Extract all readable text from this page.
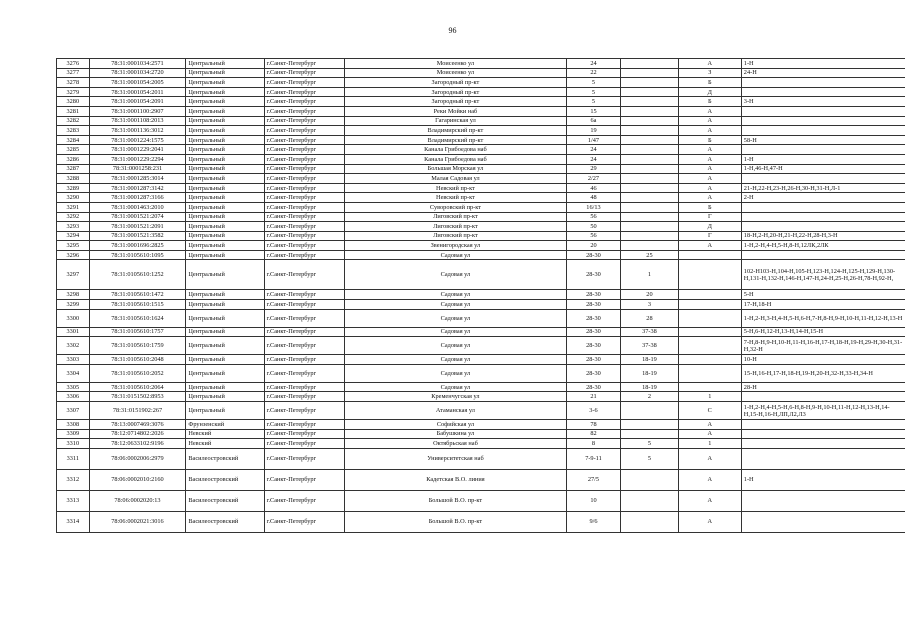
96
3276	78:31:0001034:2571	Центральный	г.Санкт-Петербург	Моисеенко ул	24		А	1-Н
3277	78:31:0001034:2720	Центральный	г.Санкт-Петербург	Моисеенко ул	22		З	24-Н
3278	78:31:0001054:2005	Центральный	г.Санкт-Петербург	Загородный пр-кт	5		Б	
3279	78:31:0001054:2011	Центральный	г.Санкт-Петербург	Загородный пр-кт	5		Д	
3280	78:31:0001054:2091	Центральный	г.Санкт-Петербург	Загородный пр-кт	5		Б	3-Н
3281	78:31:0001100:2907	Центральный	г.Санкт-Петербург	Реки Мойки наб	15		А	
3282	78:31:0001108:2013	Центральный	г.Санкт-Петербург	Гагаринская ул	6а		А	
3283	78:31:0001136:3012	Центральный	г.Санкт-Петербург	Владимирский пр-кт	19		А	
3284	78:31:0001224:1575	Центральный	г.Санкт-Петербург	Владимирский пр-кт	1/47		Б	58-Н
3285	78:31:0001229:2041	Центральный	г.Санкт-Петербург	Канала Грибоедова наб	24		А	
3286	78:31:0001229:2294	Центральный	г.Санкт-Петербург	Канала Грибоедова наб	24		А	1-Н
3287	78:31:0001258:231	Центральный	г.Санкт-Петербург	Большая Морская ул	29		А	1-Н,46-Н,47-Н
3288	78:31:0001285:3014	Центральный	г.Санкт-Петербург	Малая Садовая ул	2/27		А	
3289	78:31:0001287:3142	Центральный	г.Санкт-Петербург	Невский пр-кт	46		А	21-Н,22-Н,23-Н,26-Н,30-Н,31-Н,Л-1
3290	78:31:0001287:3166	Центральный	г.Санкт-Петербург	Невский пр-кт	48		А	2-Н
3291	78:31:0001463:2010	Центральный	г.Санкт-Петербург	Суворовский пр-кт	16/13		Б	
3292	78:31:0001521:2074	Центральный	г.Санкт-Петербург	Лиговский пр-кт	56		Г	
3293	78:31:0001521:2091	Центральный	г.Санкт-Петербург	Лиговский пр-кт	50		Д	
3294	78:31:0001521:3582	Центральный	г.Санкт-Петербург	Лиговский пр-кт	56		Г	18-Н,2-Н,20-Н,21-Н,22-Н,28-Н,3-Н
3295	78:31:0001696:2825	Центральный	г.Санкт-Петербург	Звенигородская ул	20		А	1-Н,2-Н,4-Н,5-Н,8-Н,12ЛК,2ЛК
3296	78:31:0105610:1095	Центральный	г.Санкт-Петербург	Садовая ул	28-30	25		
3297	78:31:0105610:1252	Центральный	г.Санкт-Петербург	Садовая ул	28-30	1		102-Н103-Н,104-Н,105-Н,123-Н,124-Н,125-Н,129-Н,130-Н,131-Н,132-Н,146-Н,147-Н,24-Н,25-Н,26-Н,78-Н,92-Н,
3298	78:31:0105610:1472	Центральный	г.Санкт-Петербург	Садовая ул	28-30	20		5-Н
3299	78:31:0105610:1515	Центральный	г.Санкт-Петербург	Садовая ул	28-30	3		17-Н,18-Н
3300	78:31:0105610:1624	Центральный	г.Санкт-Петербург	Садовая ул	28-30	28		1-Н,2-Н,3-Н,4-Н,5-Н,6-Н,7-Н,8-Н,9-Н,10-Н,11-Н,12-Н,13-Н
3301	78:31:0105610:1757	Центральный	г.Санкт-Петербург	Садовая ул	28-30	37-38		5-Н,6-Н,12-Н,13-Н,14-Н,15-Н
3302	78:31:0105610:1759	Центральный	г.Санкт-Петербург	Садовая ул	28-30	37-38		7-Н,8-Н,9-Н,10-Н,11-Н,16-Н,17-Н,18-Н,19-Н,29-Н,30-Н,31-Н,32-Н
3303	78:31:0105610:2048	Центральный	г.Санкт-Петербург	Садовая ул	28-30	18-19		10-Н
3304	78:31:0105610:2052	Центральный	г.Санкт-Петербург	Садовая ул	28-30	18-19		15-Н,16-Н,17-Н,18-Н,19-Н,20-Н,32-Н,33-Н,34-Н
3305	78:31:0105610:2064	Центральный	г.Санкт-Петербург	Садовая ул	28-30	18-19		28-Н
3306	78:31:0151502:8953	Центральный	г.Санкт-Петербург	Кременчугская ул	21	2	1	
3307	78:31:0151902:267	Центральный	г.Санкт-Петербург	Атаманская ул	3-6		С	1-Н,2-Н,4-Н,5-Н,6-Н,8-Н,9-Н,10-Н,11-Н,12-Н,13-Н,14-Н,15-Н,16-Н,ЛП,Л2,Л3
3308	78:13:0007469:3076	Фрунзенский	г.Санкт-Петербург	Софийская ул	78		А	
3309	78:12:0714802:2026	Невский	г.Санкт-Петербург	Бабушкина ул	82		А	
3310	78:12:0633102:9196	Невский	г.Санкт-Петербург	Октябрьская наб	8	5	1	
3311	78:06:0002006:2979	Василеостровский	г.Санкт-Петербург	Университетская наб	7-9-11	5	А	
3312	78:06:0002010:2160	Василеостровский	г.Санкт-Петербург	Кадетская В.О. линия	27/5		А	1-Н
3313	78:06:0002020:13	Василеостровский	г.Санкт-Петербург	Большой В.О. пр-кт	10		А	
3314	78:06:0002021:3016	Василеостровский	г.Санкт-Петербург	Большой В.О. пр-кт	9/6		А	
